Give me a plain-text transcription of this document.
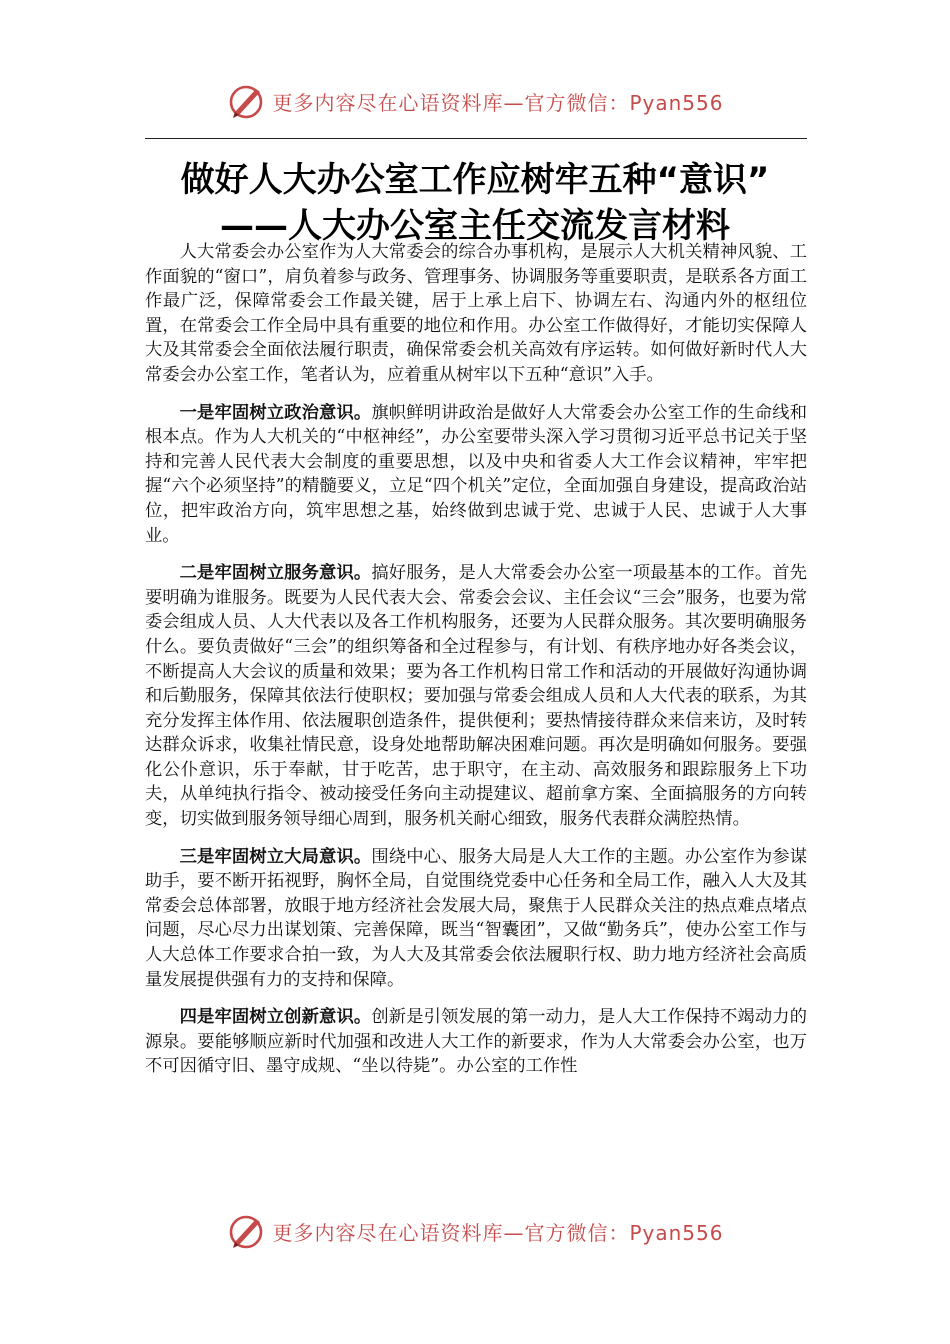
更多内容尽在心语资料库—官方微信：Pyan556
做好人大办公室工作应树牢五种“意识”
——人大办公室主任交流发言材料

人大常委会办公室作为人大常委会的综合办事机构，是展示人大机关精神风貌、工作面貌的“窗口”，肩负着参与政务、管理事务、协调服务等重要职责，是联系各方面工作最广泛，保障常委会工作最关键，居于上承上启下、协调左右、沟通内外的枢纽位置，在常委会工作全局中具有重要的地位和作用。办公室工作做得好，才能切实保障人大及其常委会全面依法履行职责，确保常委会机关高效有序运转。如何做好新时代人大常委会办公室工作，笔者认为，应着重从树牢以下五种“意识”入手。

一是牢固树立政治意识。旗帜鲜明讲政治是做好人大常委会办公室工作的生命线和根本点。作为人大机关的“中枢神经”，办公室要带头深入学习贯彻习近平总书记关于坚持和完善人民代表大会制度的重要思想，以及中央和省委人大工作会议精神，牢牢把握“六个必须坚持”的精髓要义，立足“四个机关”定位，全面加强自身建设，提高政治站位，把牢政治方向，筑牢思想之基，始终做到忠诚于党、忠诚于人民、忠诚于人大事业。

二是牢固树立服务意识。搞好服务，是人大常委会办公室一项最基本的工作。首先要明确为谁服务。既要为人民代表大会、常委会会议、主任会议“三会”服务，也要为常委会组成人员、人大代表以及各工作机构服务，还要为人民群众服务。其次要明确服务什么。要负责做好“三会”的组织筹备和全过程参与，有计划、有秩序地办好各类会议，不断提高人大会议的质量和效果；要为各工作机构日常工作和活动的开展做好沟通协调和后勤服务，保障其依法行使职权；要加强与常委会组成人员和人大代表的联系，为其充分发挥主体作用、依法履职创造条件，提供便利；要热情接待群众来信来访，及时转达群众诉求，收集社情民意，设身处地帮助解决困难问题。再次是明确如何服务。要强化公仆意识，乐于奉献，甘于吃苦，忠于职守，在主动、高效服务和跟踪服务上下功夫，从单纯执行指令、被动接受任务向主动提建议、超前拿方案、全面搞服务的方向转变，切实做到服务领导细心周到，服务机关耐心细致，服务代表群众满腔热情。

三是牢固树立大局意识。围绕中心、服务大局是人大工作的主题。办公室作为参谋助手，要不断开拓视野，胸怀全局，自觉围绕党委中心任务和全局工作，融入人大及其常委会总体部署，放眼于地方经济社会发展大局，聚焦于人民群众关注的热点难点堵点问题，尽心尽力出谋划策、完善保障，既当“智囊团”，又做“勤务兵”，使办公室工作与人大总体工作要求合拍一致，为人大及其常委会依法履职行权、助力地方经济社会高质量发展提供强有力的支持和保障。

四是牢固树立创新意识。创新是引领发展的第一动力，是人大工作保持不竭动力的源泉。要能够顺应新时代加强和改进人大工作的新要求，作为人大常委会办公室，也万不可因循守旧、墨守成规、“坐以待毙”。办公室的工作性

更多内容尽在心语资料库—官方微信：Pyan556
